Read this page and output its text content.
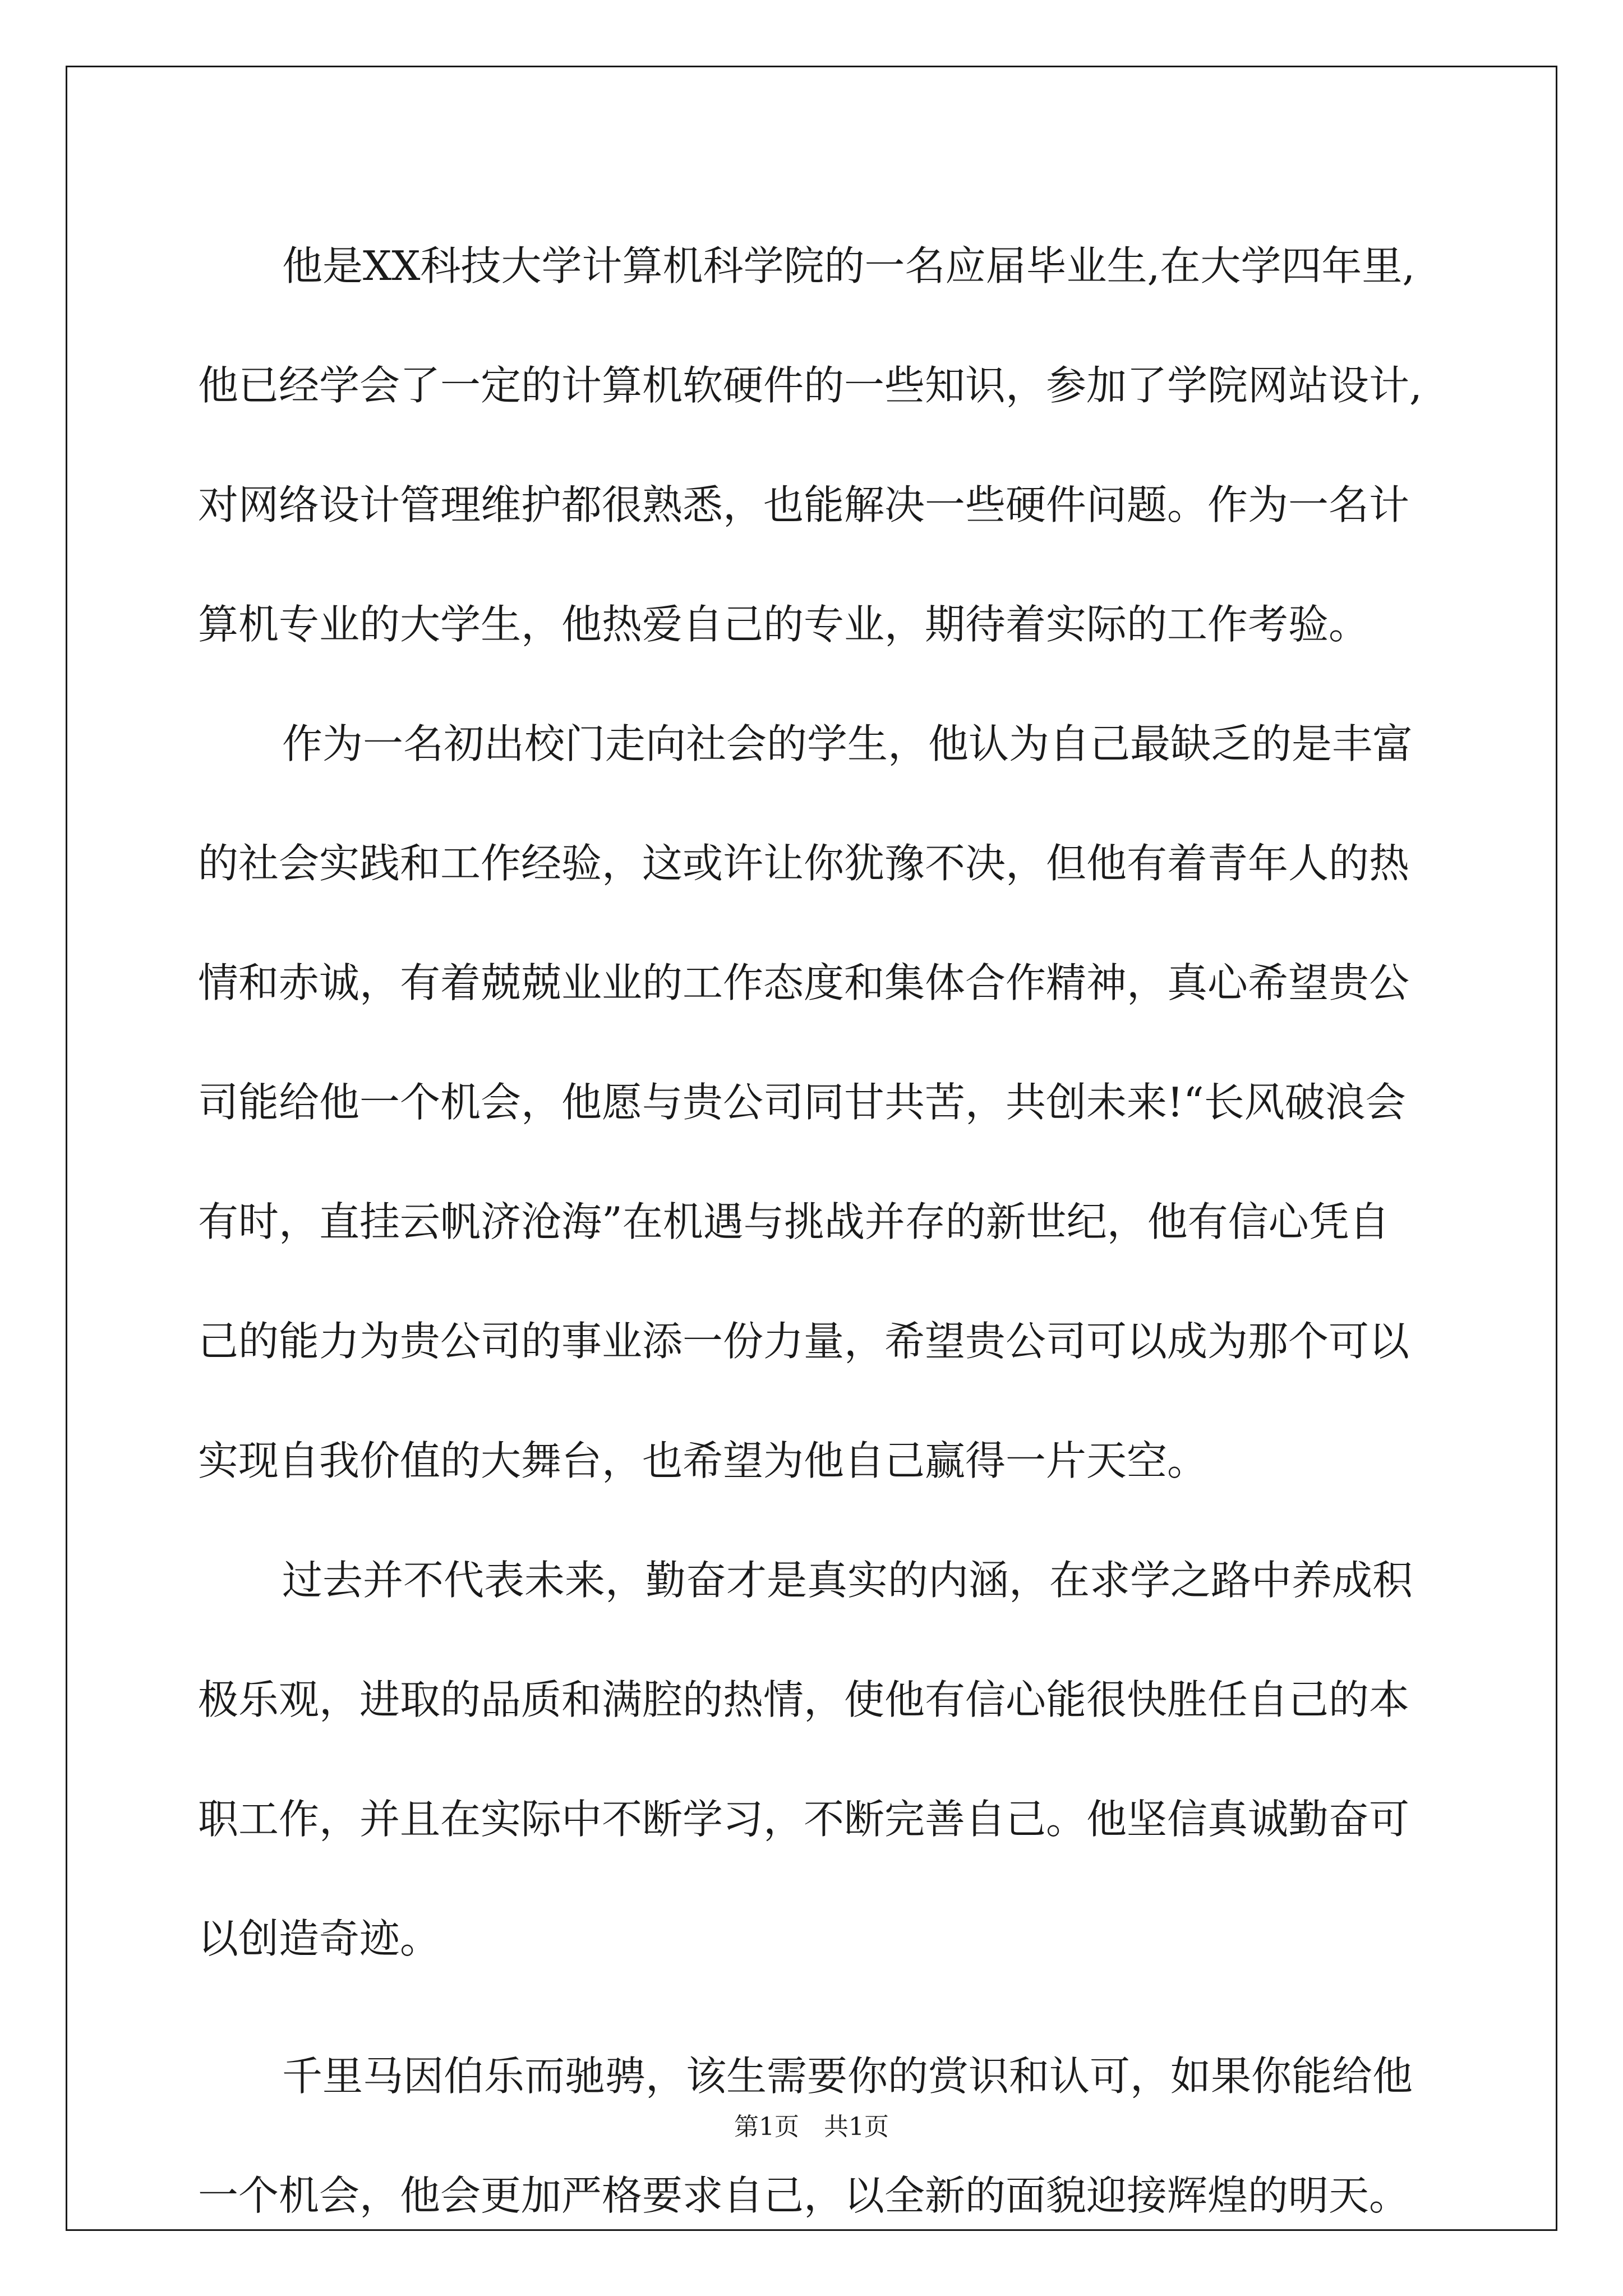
他是XX科技大学计算机科学院的一名应届毕业生,在大学四年里,
他已经学会了一定的计算机软硬件的一些知识，参加了学院网站设计,
对网络设计管理维护都很熟悉，也能解决一些硬件问题。作为一名计
算机专业的大学生，他热爱自己的专业，期待着实际的工作考验。
作为一名初出校门走向社会的学生，他认为自己最缺乏的是丰富
的社会实践和工作经验，这或许让你犹豫不决，但他有着青年人的热
情和赤诚，有着兢兢业业的工作态度和集体合作精神，真心希望贵公
司能给他一个机会，他愿与贵公司同甘共苦，共创未来!“长风破浪会
有时，直挂云帆济沧海”在机遇与挑战并存的新世纪，他有信心凭自
己的能力为贵公司的事业添一份力量，希望贵公司可以成为那个可以
实现自我价值的大舞台，也希望为他自己赢得一片天空。
过去并不代表未来，勤奋才是真实的内涵，在求学之路中养成积
极乐观，进取的品质和满腔的热情，使他有信心能很快胜任自己的本
职工作，并且在实际中不断学习，不断完善自己。他坚信真诚勤奋可
以创造奇迹。
千里马因伯乐而驰骋，该生需要你的赏识和认可，如果你能给他
一个机会，他会更加严格要求自己，以全新的面貌迎接辉煌的明天。
第1页　共1页
